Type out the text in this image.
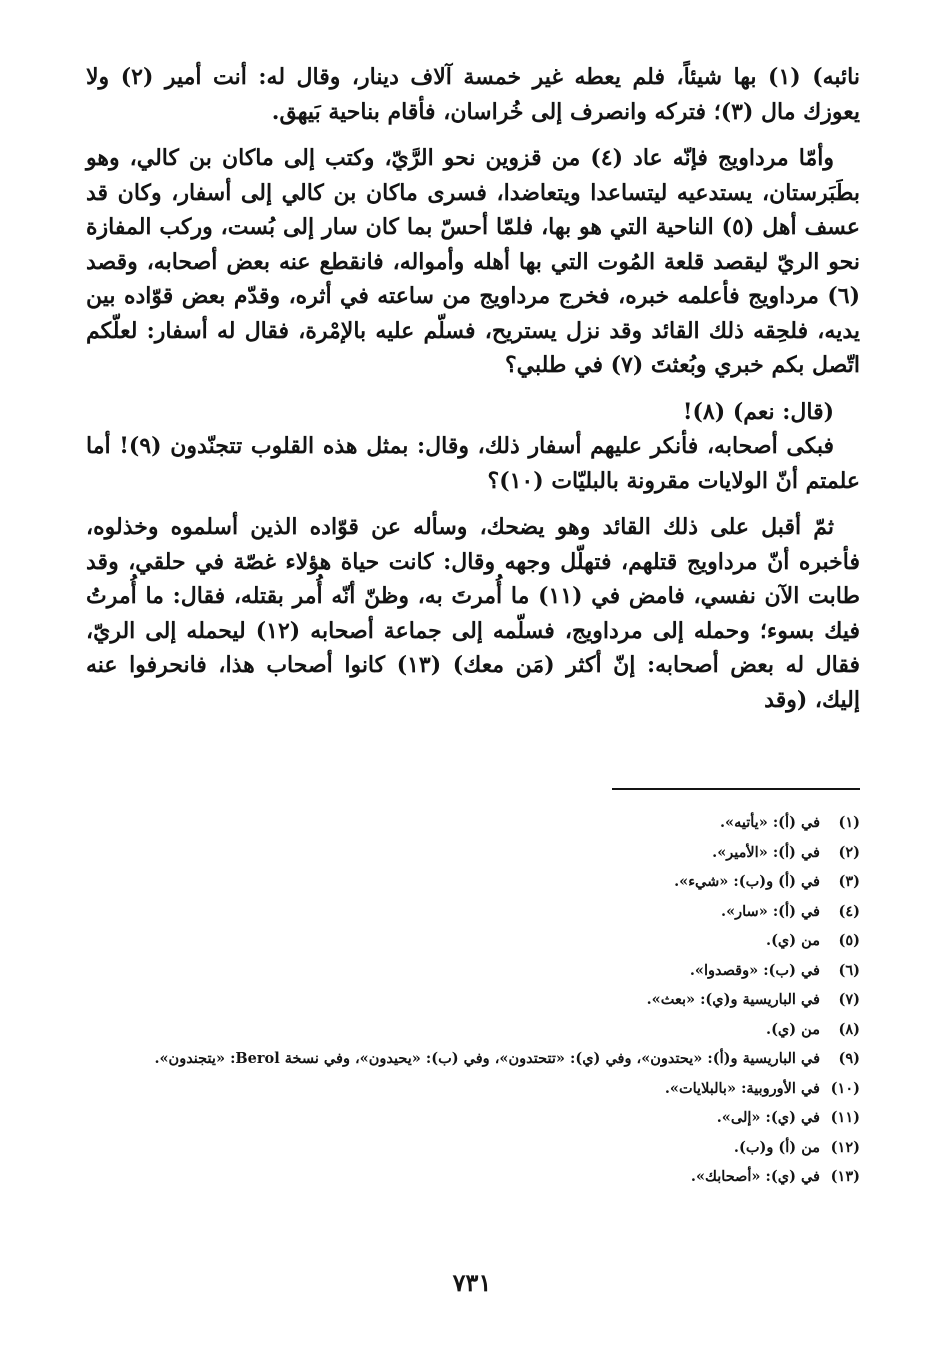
نائبه) (١) بها شيئاً، فلم يعطه غير خمسة آلاف دينار، وقال له: أنت أمير (٢) ولا يعوزك مال (٣)؛ فتركه وانصرف إلى خُراسان، فأقام بناحية بَيهق.

وأمّا مرداويج فإنّه عاد (٤) من قزوين نحو الرَّيّ، وكتب إلى ماكان بن كالي، وهو بطَبَرستان، يستدعيه ليتساعدا ويتعاضدا، فسرى ماكان بن كالي إلى أسفار، وكان قد عسف أهل (٥) الناحية التي هو بها، فلمّا أحسّ بما كان سار إلى بُست، وركب المفازة نحو الريّ ليقصد قلعة المُوت التي بها أهله وأمواله، فانقطع عنه بعض أصحابه، وقصد (٦) مرداويج فأعلمه خبره، فخرج مرداويج من ساعته في أثره، وقدّم بعض قوّاده بين يديه، فلحِقه ذلك القائد وقد نزل يستريح، فسلّم عليه بالإمْرة، فقال له أسفار: لعلّكم اتّصل بكم خبري وبُعثتَ (٧) في طلبي؟

(قال: نعم) (٨)!

فبكى أصحابه، فأنكر عليهم أسفار ذلك، وقال: بمثل هذه القلوب تتجنّدون (٩)! أما علمتم أنّ الولايات مقرونة بالبليّات (١٠)؟

ثمّ أقبل على ذلك القائد وهو يضحك، وسأله عن قوّاده الذين أسلموه وخذلوه، فأخبره أنّ مرداويج قتلهم، فتهلّل وجهه وقال: كانت حياة هؤلاء غصّة في حلقي، وقد طابت الآن نفسي، فامض في (١١) ما أُمرتَ به، وظنّ أنّه أُمر بقتله، فقال: ما أُمرتُ فيك بسوء؛ وحمله إلى مرداويج، فسلّمه إلى جماعة أصحابه (١٢) ليحمله إلى الريّ، فقال له بعض أصحابه: إنّ أكثر (مَن معك) (١٣) كانوا أصحاب هذا، فانحرفوا عنه إليك، (وقد

(١)
في (أ): «يأتيه».
(٢)
في (أ): «الأمير».
(٣)
في (أ) و(ب): «شيء».
(٤)
في (أ): «سار».
(٥)
من (ي).
(٦)
في (ب): «وقصدوا».
(٧)
في الباريسية و(ي): «بعث».
(٨)
من (ي).
(٩)
في الباريسية و(أ): «يحتدون»، وفي (ي): «تتحتدون»، وفي (ب): «يحيدون»، وفي نسخة Berol: «يتجندون».
(١٠)
في الأوروبية: «بالبلايات».
(١١)
في (ي): «إلى».
(١٢)
من (أ) و(ب).
(١٣)
في (ي): «أصحابك».
٧٣١
